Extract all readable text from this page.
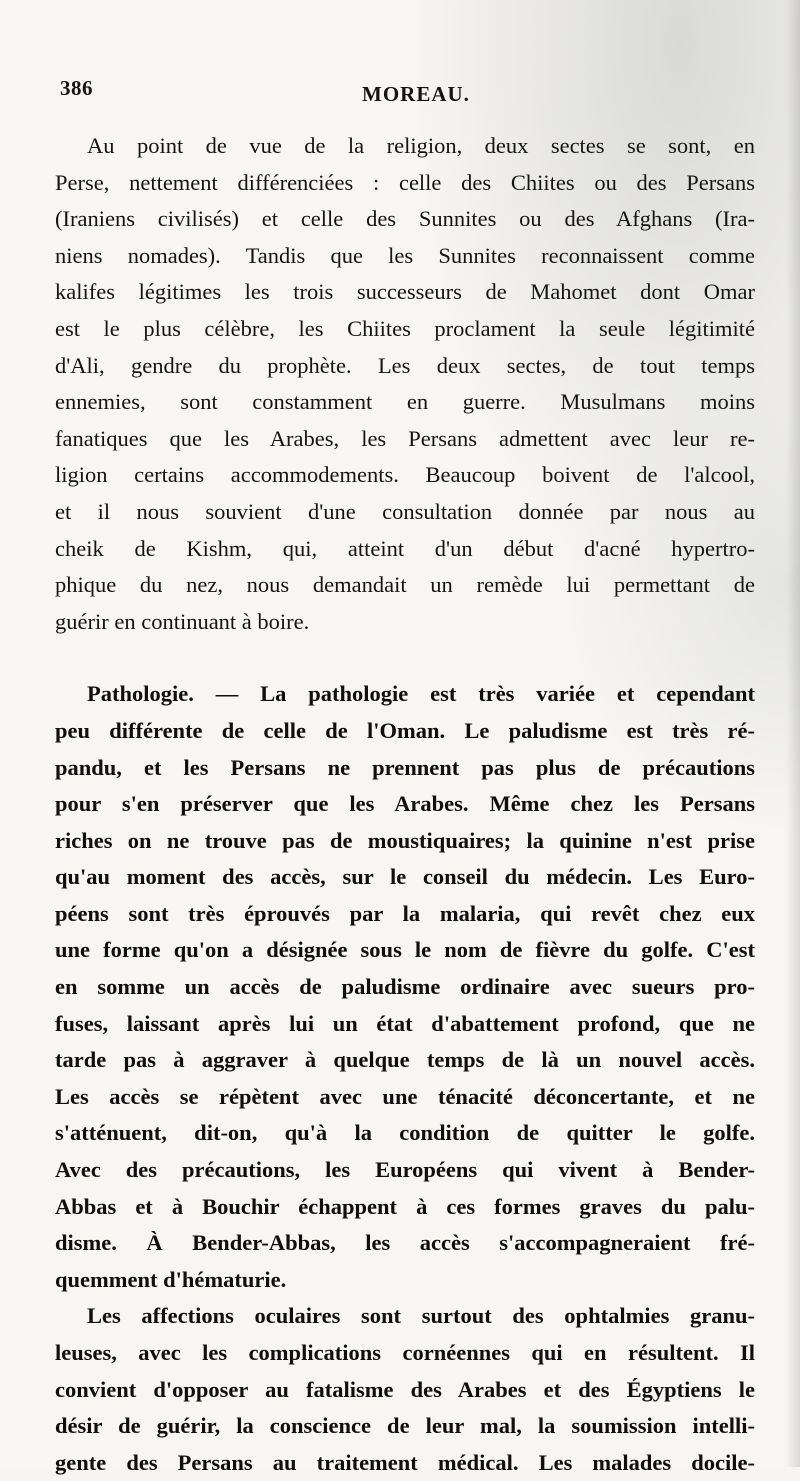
386	MOREAU.
Au point de vue de la religion, deux sectes se sont, en
Perse, nettement différenciées : celle des Chiites ou des Persans
(Iraniens civilisés) et celle des Sunnites ou des Afghans (Ira-
niens nomades). Tandis que les Sunnites reconnaissent comme
kalifes légitimes les trois successeurs de Mahomet dont Omar
est le plus célèbre, les Chiites proclament la seule légitimité
d'Ali, gendre du prophète. Les deux sectes, de tout temps
ennemies, sont constamment en guerre. Musulmans moins
fanatiques que les Arabes, les Persans admettent avec leur re-
ligion certains accommodements. Beaucoup boivent de l'alcool,
et il nous souvient d'une consultation donnée par nous au
cheik de Kishm, qui, atteint d'un début d'acné hypertro-
phique du nez, nous demandait un remède lui permettant de
guérir en continuant à boire.
Pathologie. — La pathologie est très variée et cependant
peu différente de celle de l'Oman. Le paludisme est très ré-
pandu, et les Persans ne prennent pas plus de précautions
pour s'en préserver que les Arabes. Même chez les Persans
riches on ne trouve pas de moustiquaires; la quinine n'est prise
qu'au moment des accès, sur le conseil du médecin. Les Euro-
péens sont très éprouvés par la malaria, qui revêt chez eux
une forme qu'on a désignée sous le nom de fièvre du golfe. C'est
en somme un accès de paludisme ordinaire avec sueurs pro-
fuses, laissant après lui un état d'abattement profond, que ne
tarde pas à aggraver à quelque temps de là un nouvel accès.
Les accès se répètent avec une ténacité déconcertante, et ne
s'atténuent, dit-on, qu'à la condition de quitter le golfe.
Avec des précautions, les Européens qui vivent à Bender-
Abbas et à Bouchir échappent à ces formes graves du palu-
disme. À Bender-Abbas, les accès s'accompagneraient fré-
quemment d'hématurie.
Les affections oculaires sont surtout des ophtalmies granu-
leuses, avec les complications cornéennes qui en résultent. Il
convient d'opposer au fatalisme des Arabes et des Égyptiens le
désir de guérir, la conscience de leur mal, la soumission intelli-
gente des Persans au traitement médical. Les malades docile-
